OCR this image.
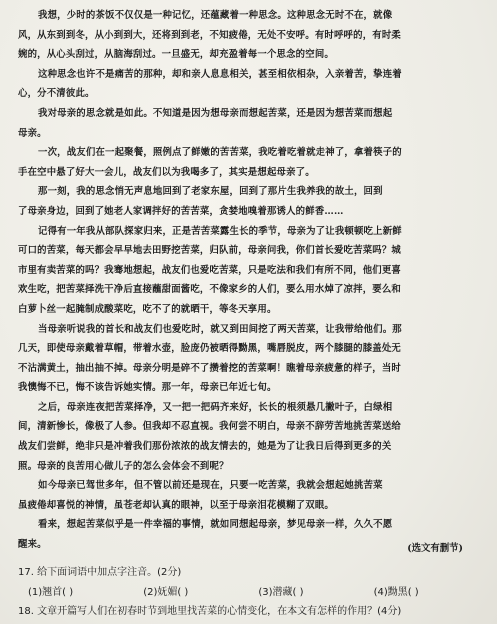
我想，少时的茶饭不仅仅是一种记忆，还蕴藏着一种思念。这种思念无时不在，就像
风，从东到到冬，从小到到大，还将到到老，不知疲倦，无处不安呼。有时呼呼的，有时柔
婉的，从心头刮过，从脑海刮过。一旦盛无，却充盈着每一个思念的空间。
这种思念也许不是痛苦的那种，却和亲人息息相关，甚至相依相杂，入亲着苦，挚连着
心，分不清彼此。
我对母亲的思念就是如此。不知道是因为想母亲而想起苦菜，还是因为想苦菜而想起
母亲。
一次，战友们在一起聚餐，照例点了鲜嫩的苦苦菜，我吃着吃着就走神了，拿着筷子的
手在空中悬了好大一会儿，战友们以为我喝多了，其实是想起母亲了。
那一刻，我的思念悄无声息地回到了老家东屋，回到了那片生我养我的故土，回到
了母亲身边，回到了她老人家调拌好的苦苦菜，贪婪地嗅着那诱人的鲜香……
记得有一年我从部队探家归来，正是苦苦菜露生长的季节，母亲为了让我顿顿吃上新鲜
可口的苦菜，每天都会早早地去田野挖苦菜，归队前，母亲问我，你们首长爱吃苦菜吗？城
市里有卖苦菜的吗？我骞地想起，战友们也爱吃苦菜，只是吃法和我们有所不同，他们更喜
欢生吃，把苦菜择洗干净后直接蘸甜面酱吃，不像家乡的人们，要么用水焯了凉拌，要么和
白萝卜丝一起腌制成酸菜吃，吃不了的就晒干，等冬天享用。
当母亲听说我的首长和战友们也爱吃时，就又到田间挖了两天苦菜，让我带给他们。那
几天，即使母亲戴着草帽，带着水壶，脸庞仍被晒得黝黑，嘴唇脱皮，两个膝腿的膝盖处无
不沾满黄土，抽出抽不掉。母亲分明是碎不了攒着挖的苦菜啊！瞧着母亲疲惫的样子，当时
我懊悔不已，悔不该告诉她实情。那一年，母亲已年近七旬。
之后，母亲连夜把苦菜择净，又一把一把码齐来好，长长的根须悬几撇叶子，白绿相
间，清新惨长，像极了人参。但我却不忍直视。我何尝不明白，母亲不辞劳苦地挑苦菜送给
战友们尝鲜，绝非只是冲着我们那份浓浓的战友情去的，她是为了让我日后得到更多的关
照。母亲的良苦用心做儿子的怎么会体会不到呢？
如今母亲已驾世多年，但不管以前还是现在，只要一吃苦菜，我就会想起她挑苦菜
虽疲倦却喜悦的神情，虽苍老却认真的眼神，以至于母亲泪花模糊了双眼。
看来，想起苦菜似乎是一件幸福的事情，就如同想起母亲，梦见母亲一样，久久不愿
醒来。	(选文有删节)
17. 给下面词语中加点字注音。(2分)
(1)翘首( )	(2)妩媚( )	(3)潜藏( )	(4)黝黑( )
18. 文章开篇写人们在初春时节到地里找苦菜的心情变化，在本文有怎样的作用？(4分)
